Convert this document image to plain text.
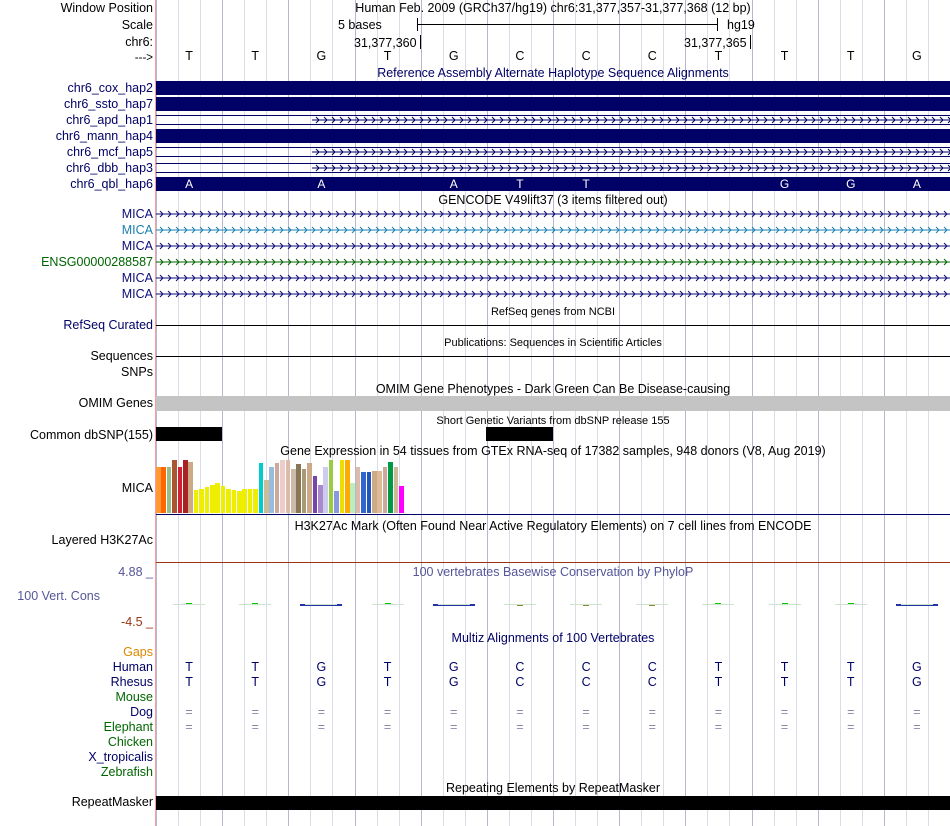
Window Position
Scale
chr6:
--->
Human Feb. 2009 (GRCh37/hg19) chr6:31,377,357-31,377,368 (12 bp)
5 bases	hg19
31,377,360	31,377,365
T	T	G	T	G	C	C	C	T	T	T	G
Reference Assembly Alternate Haplotype Sequence Alignments
chr6_cox_hap2
chr6_ssto_hap7
chr6_apd_hap1
chr6_mann_hap4
chr6_mcf_hap5
chr6_dbb_hap3
chr6_qbl_hap6	A	A	A	T	T	G	G	A
GENCODE V49lift37 (3 items filtered out)
MICA
MICA
MICA
ENSG00000288587
MICA
MICA
RefSeq genes from NCBI
RefSeq Curated
Publications: Sequences in Scientific Articles
Sequences
SNPs
OMIM Gene Phenotypes - Dark Green Can Be Disease-causing
OMIM Genes
Short Genetic Variants from dbSNP release 155
Common dbSNP(155)
Gene Expression in 54 tissues from GTEx RNA-seq of 17382 samples, 948 donors (V8, Aug 2019)
MICA
H3K27Ac Mark (Often Found Near Active Regulatory Elements) on 7 cell lines from ENCODE
Layered H3K27Ac
100 vertebrates Basewise Conservation by PhyloP
4.88 _
100 Vert. Cons
-4.5 _
Multiz Alignments of 100 Vertebrates
Gaps
Human	T	T	G	T	G	C	C	C	T	T	T	G
Rhesus	T	T	G	T	G	C	C	C	T	T	T	G
Mouse
Dog	=	=	=	=	=	=	=	=	=	=	=	=
Elephant	=	=	=	=	=	=	=	=	=	=	=	=
Chicken
X_tropicalis
Zebrafish
Repeating Elements by RepeatMasker
RepeatMasker
